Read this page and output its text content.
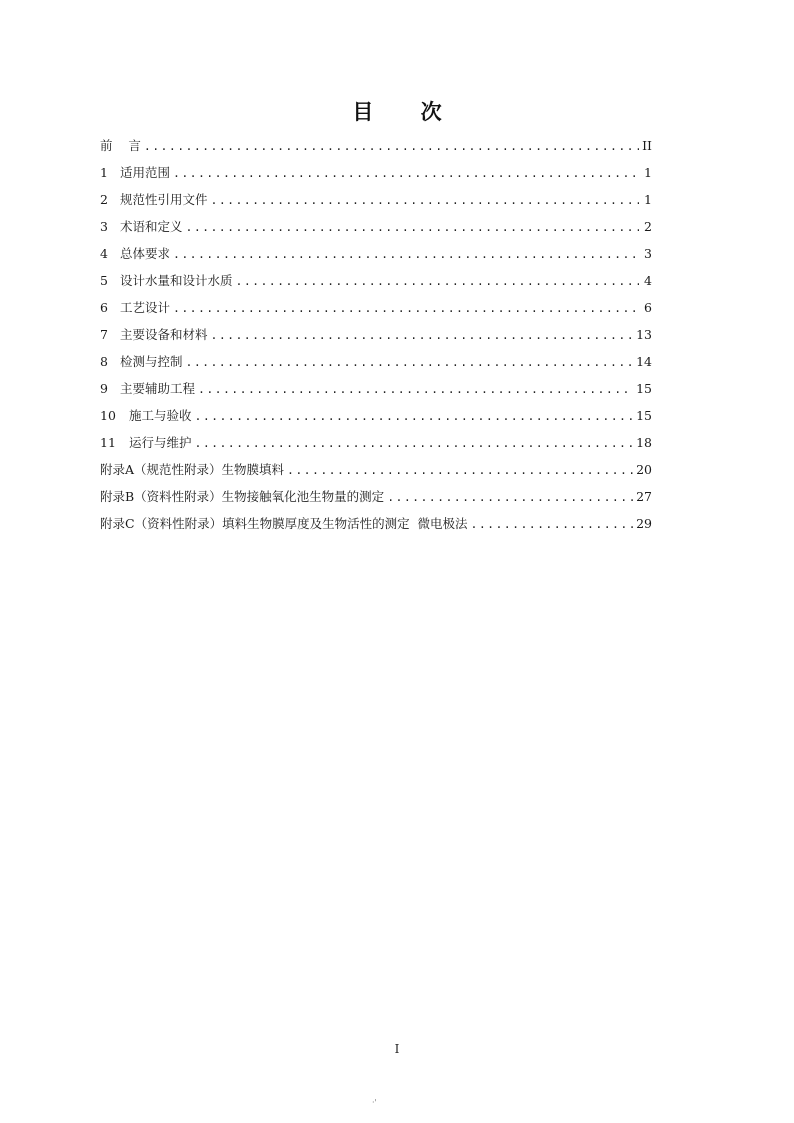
目 次
前    言 .....	II
1 适用范围 .....	1
2 规范性引用文件 .....	1
3 术语和定义 .....	2
4 总体要求 .....	3
5 设计水量和设计水质 .....	4
6 工艺设计 .....	6
7 主要设备和材料 .....	13
8 检测与控制 .....	14
9 主要辅助工程 .....	15
10 施工与验收 .....	15
11 运行与维护 .....	18
附录A（规范性附录）生物膜填料 .....	20
附录B（资料性附录）生物接触氧化池生物量的测定 .....	27
附录C（资料性附录）填料生物膜厚度及生物活性的测定  微电极法 .....	29
I
·'
